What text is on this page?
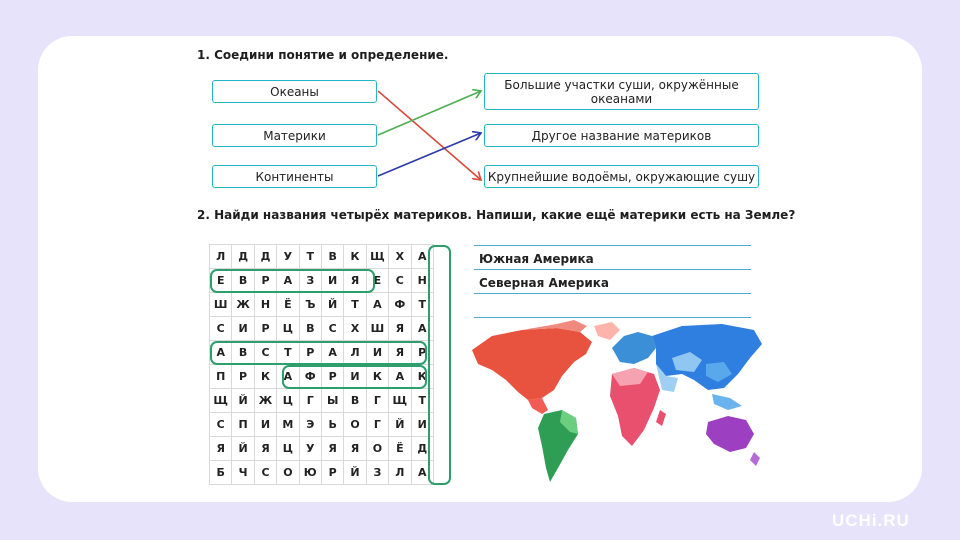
1. Соедини понятие и определение.
Океаны
Материки
Континенты
Большие участки суши, окружённые океанами
Другое название материков
Крупнейшие водоёмы, окружающие сушу
2. Найди названия четырёх материков. Напиши, какие ещё материки есть на Земле?
Л	Д	Д	У	Т	В	К	Щ	Х	А
Е	В	Р	А	З	И	Я	Е	С	Н
Ш	Ж	Н	Ё	Ъ	Й	Т	А	Ф	Т
С	И	Р	Ц	В	С	Х	Ш	Я	А
А	В	С	Т	Р	А	Л	И	Я	Р
П	Р	К	А	Ф	Р	И	К	А	К
Щ	Й	Ж	Ц	Г	Ы	В	Г	Щ	Т
С	П	И	М	Э	Ь	О	Г	Й	И
Я	Й	Я	Ц	У	Я	Я	О	Ё	Д
Б	Ч	С	О	Ю	Р	Й	З	Л	А
Южная Америка
Северная Америка
UCHi.RU
